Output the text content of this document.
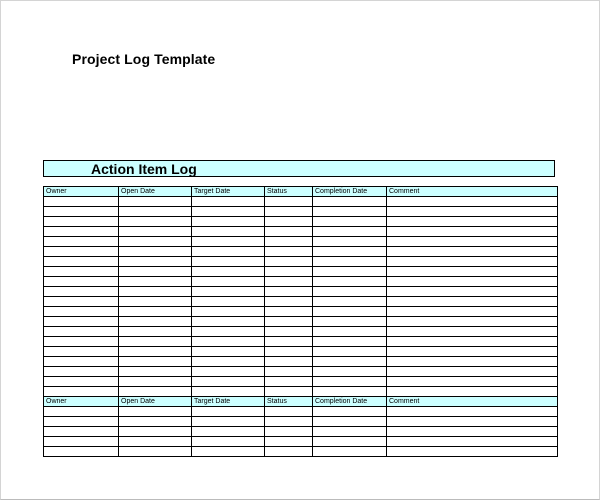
Project Log Template
Action Item Log
Owner	Open Date	Target Date	Status	Completion Date	Comment

Owner	Open Date	Target Date	Status	Completion Date	Comment
